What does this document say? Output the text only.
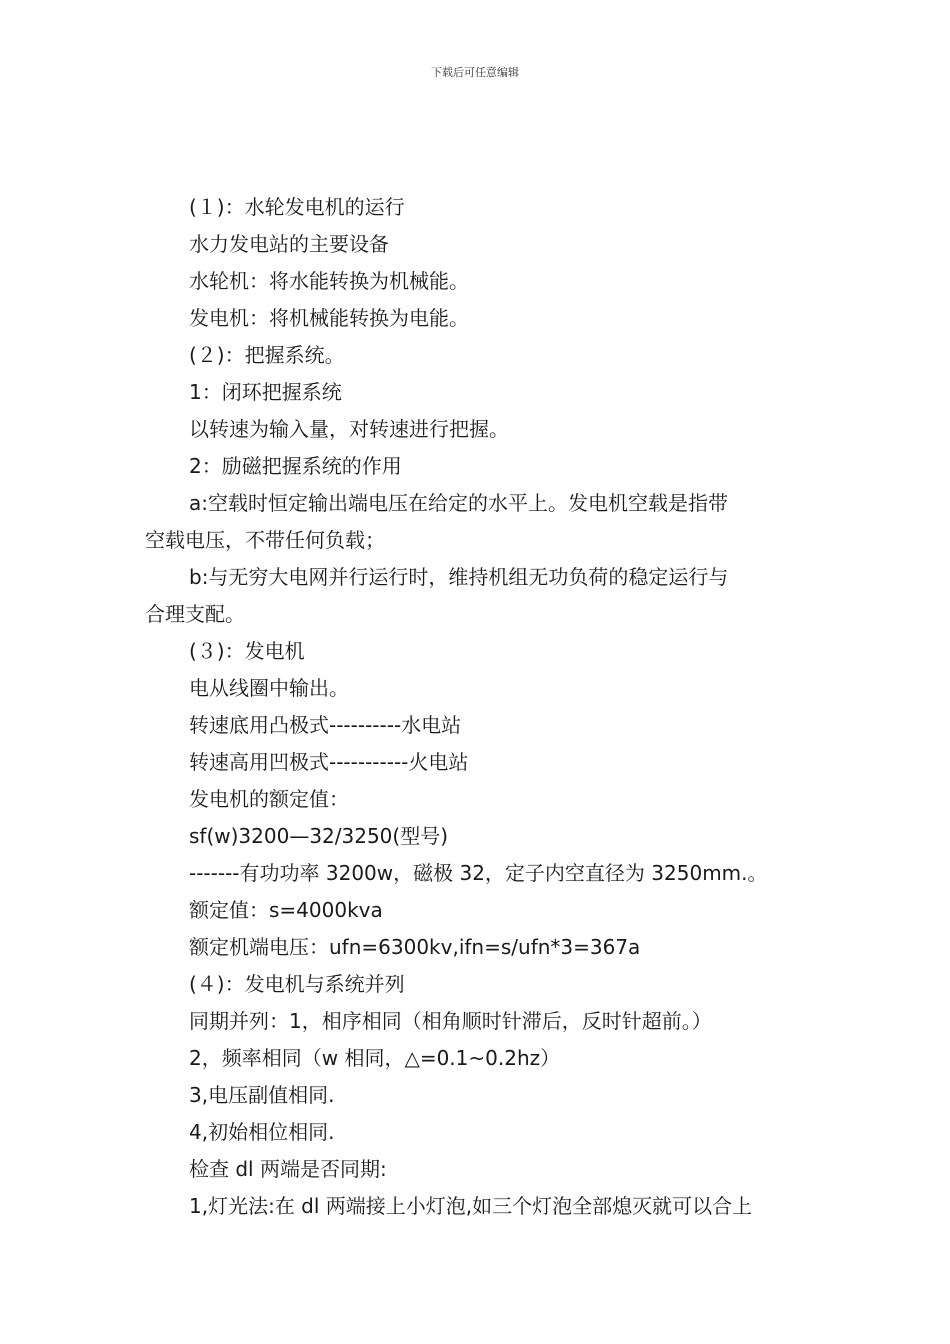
下载后可任意编辑
(１)：水轮发电机的运行
水力发电站的主要设备
水轮机：将水能转换为机械能。
发电机：将机械能转换为电能。
(２)：把握系统。
1：闭环把握系统
以转速为输入量，对转速进行把握。
2：励磁把握系统的作用
a:空载时恒定输出端电压在给定的水平上。发电机空载是指带
空载电压，不带任何负载；
b:与无穷大电网并行运行时，维持机组无功负荷的稳定运行与
合理支配。
(３)：发电机
电从线圈中输出。
转速底用凸极式----------水电站
转速高用凹极式-----------火电站
发电机的额定值：
sf(w)3200—32/3250(型号)
-------有功功率 3200w，磁极 32，定子内空直径为 3250mm.。
额定值：s=4000kva
额定机端电压：ufn=6300kv,ifn=s/ufn*3=367a
(４)：发电机与系统并列
同期并列：1，相序相同（相角顺时针滞后，反时针超前。）
2，频率相同（w 相同，△=0.1~0.2hz）
3,电压副值相同.
4,初始相位相同.
检查 dl 两端是否同期:
1,灯光法:在 dl 两端接上小灯泡,如三个灯泡全部熄灭就可以合上
